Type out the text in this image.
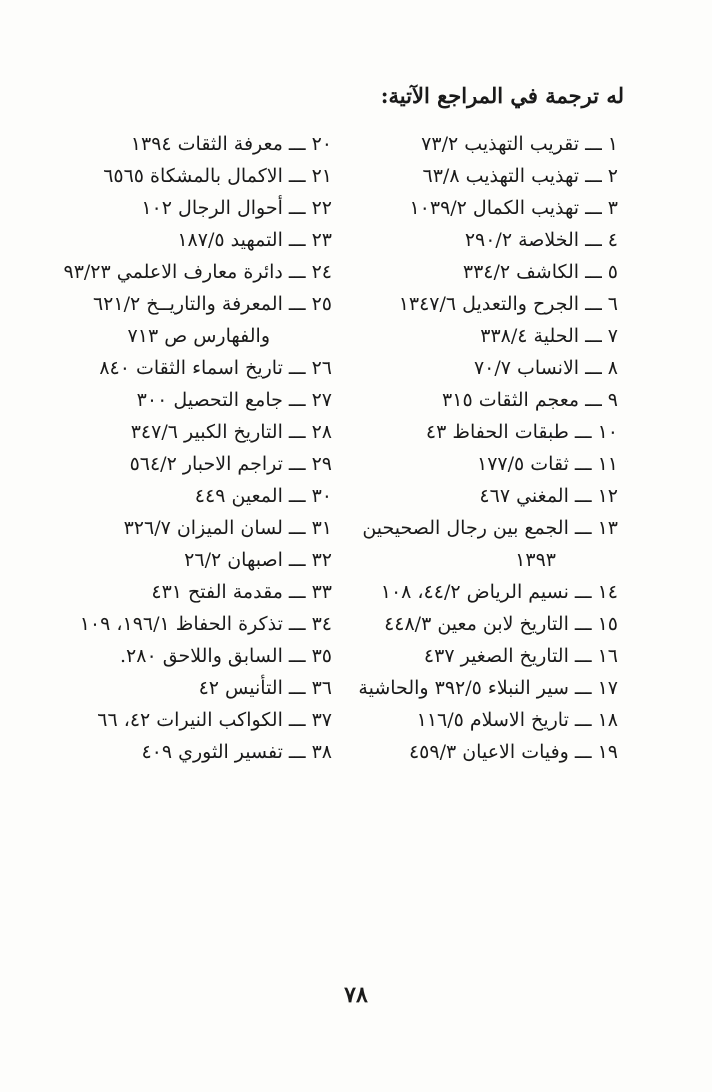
له ترجمة في المراجع الآتية:
١ـــتقريب التهذيب ٧٣/٢
٢ـــتهذيب التهذيب ٦٣/٨
٣ـــتهذيب الكمال ١٠٣٩/٢
٤ـــالخلاصة ٢٩٠/٢
٥ـــالكاشف ٣٣٤/٢
٦ـــالجرح والتعديل ١٣٤٧/٦
٧ـــالحلية ٣٣٨/٤
٨ـــالانساب ٧٠/٧
٩ـــمعجم الثقات ٣١٥
١٠ـــطبقات الحفاظ ٤٣
١١ـــثقات ١٧٧/٥
١٢ـــالمغني ٤٦٧
١٣ـــالجمع بين رجال الصحيحين
١٣٩٣
١٤ـــنسيم الرياض ٤٤/٢، ١٠٨
١٥ـــالتاريخ لابن معين ٤٤٨/٣
١٦ـــالتاريخ الصغير ٤٣٧
١٧ـــسير النبلاء ٣٩٢/٥ والحاشية
١٨ـــتاريخ الاسلام ١١٦/٥
١٩ـــوفيات الاعيان ٤٥٩/٣
٢٠ـــمعرفة الثقات ١٣٩٤
٢١ـــالاكمال بالمشكاة ٦٥٦٥
٢٢ـــأحوال الرجال ١٠٢
٢٣ـــالتمهيد ١٨٧/٥
٢٤ـــدائرة معارف الاعلمي ٩٣/٢٣
٢٥ـــالمعرفة والتاريــخ ٦٢١/٢
والفهارس ص ٧١٣
٢٦ـــتاريخ اسماء الثقات ٨٤٠
٢٧ـــجامع التحصيل ٣٠٠
٢٨ـــالتاريخ الكبير ٣٤٧/٦
٢٩ـــتراجم الاحبار ٥٦٤/٢
٣٠ـــالمعين ٤٤٩
٣١ـــلسان الميزان ٣٢٦/٧
٣٢ـــاصبهان ٢٦/٢
٣٣ـــمقدمة الفتح ٤٣١
٣٤ـــتذكرة الحفاظ ١٩٦/١، ١٠٩
٣٥ـــالسابق واللاحق ٢٨٠.
٣٦ـــالتأنيس ٤٢
٣٧ـــالكواكب النيرات ٤٢، ٦٦
٣٨ـــتفسير الثوري ٤٠٩
٧٨
